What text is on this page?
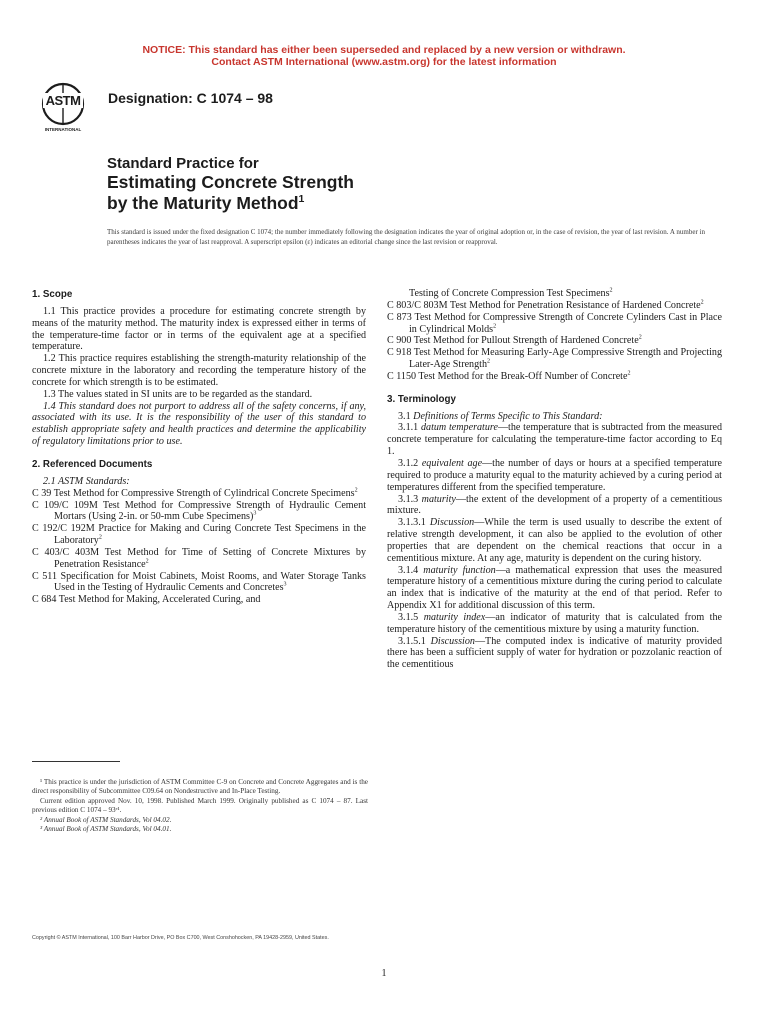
NOTICE: This standard has either been superseded and replaced by a new version or withdrawn.
Contact ASTM International (www.astm.org) for the latest information
ASTM
INTERNATIONAL
Designation: C 1074 – 98
Standard Practice for
Estimating Concrete Strength
by the Maturity Method$^1$
This standard is issued under the fixed designation C 1074; the number immediately following the designation indicates the year of original adoption or, in the case of revision, the year of last revision. A number in parentheses indicates the year of last reapproval. A superscript epsilon (ε) indicates an editorial change since the last revision or reapproval.
1. Scope

1.1 This practice provides a procedure for estimating concrete strength by means of the maturity method. The maturity index is expressed either in terms of the temperature-time factor or in terms of the equivalent age at a specified temperature.

1.2 This practice requires establishing the strength-maturity relationship of the concrete mixture in the laboratory and recording the temperature history of the concrete for which strength is to be estimated.

1.3 The values stated in SI units are to be regarded as the standard.

1.4 This standard does not purport to address all of the safety concerns, if any, associated with its use. It is the responsibility of the user of this standard to establish appropriate safety and health practices and determine the applicability of regulatory limitations prior to use.

2. Referenced Documents

2.1 ASTM Standards:

C 39 Test Method for Compressive Strength of Cylindrical Concrete Specimens$^2$

C 109/C 109M Test Method for Compressive Strength of Hydraulic Cement Mortars (Using 2-in. or 50-mm Cube Specimens)$^3$

C 192/C 192M Practice for Making and Curing Concrete Test Specimens in the Laboratory$^2$

C 403/C 403M Test Method for Time of Setting of Concrete Mixtures by Penetration Resistance$^2$

C 511 Specification for Moist Cabinets, Moist Rooms, and Water Storage Tanks Used in the Testing of Hydraulic Cements and Concretes$^3$

C 684 Test Method for Making, Accelerated Curing, and

Testing of Concrete Compression Test Specimens$^2$

C 803/C 803M Test Method for Penetration Resistance of Hardened Concrete$^2$

C 873 Test Method for Compressive Strength of Concrete Cylinders Cast in Place in Cylindrical Molds$^2$

C 900 Test Method for Pullout Strength of Hardened Concrete$^2$

C 918 Test Method for Measuring Early-Age Compressive Strength and Projecting Later-Age Strength$^2$

C 1150 Test Method for the Break-Off Number of Concrete$^2$

3. Terminology

3.1 Definitions of Terms Specific to This Standard:

3.1.1 datum temperature—the temperature that is subtracted from the measured concrete temperature for calculating the temperature-time factor according to Eq 1.

3.1.2 equivalent age—the number of days or hours at a specified temperature required to produce a maturity equal to the maturity achieved by a curing period at temperatures different from the specified temperature.

3.1.3 maturity—the extent of the development of a property of a cementitious mixture.

3.1.3.1 Discussion—While the term is used usually to describe the extent of relative strength development, it can also be applied to the evolution of other properties that are dependent on the chemical reactions that occur in a cementitious mixture. At any age, maturity is dependent on the curing history.

3.1.4 maturity function—a mathematical expression that uses the measured temperature history of a cementitious mixture during the curing period to calculate an index that is indicative of the maturity at the end of that period. Refer to Appendix X1 for additional discussion of this term.

3.1.5 maturity index—an indicator of maturity that is calculated from the temperature history of the cementitious mixture by using a maturity function.

3.1.5.1 Discussion—The computed index is indicative of maturity provided there has been a sufficient supply of water for hydration or pozzolanic reaction of the cementitious

¹ This practice is under the jurisdiction of ASTM Committee C-9 on Concrete and Concrete Aggregates and is the direct responsibility of Subcommittee C09.64 on Nondestructive and In-Place Testing.
Current edition approved Nov. 10, 1998. Published March 1999. Originally published as C 1074 – 87. Last previous edition C 1074 – 93ᵉ¹.
² Annual Book of ASTM Standards, Vol 04.02.
³ Annual Book of ASTM Standards, Vol 04.01.
Copyright © ASTM International, 100 Barr Harbor Drive, PO Box C700, West Conshohocken, PA 19428-2959, United States.
1
